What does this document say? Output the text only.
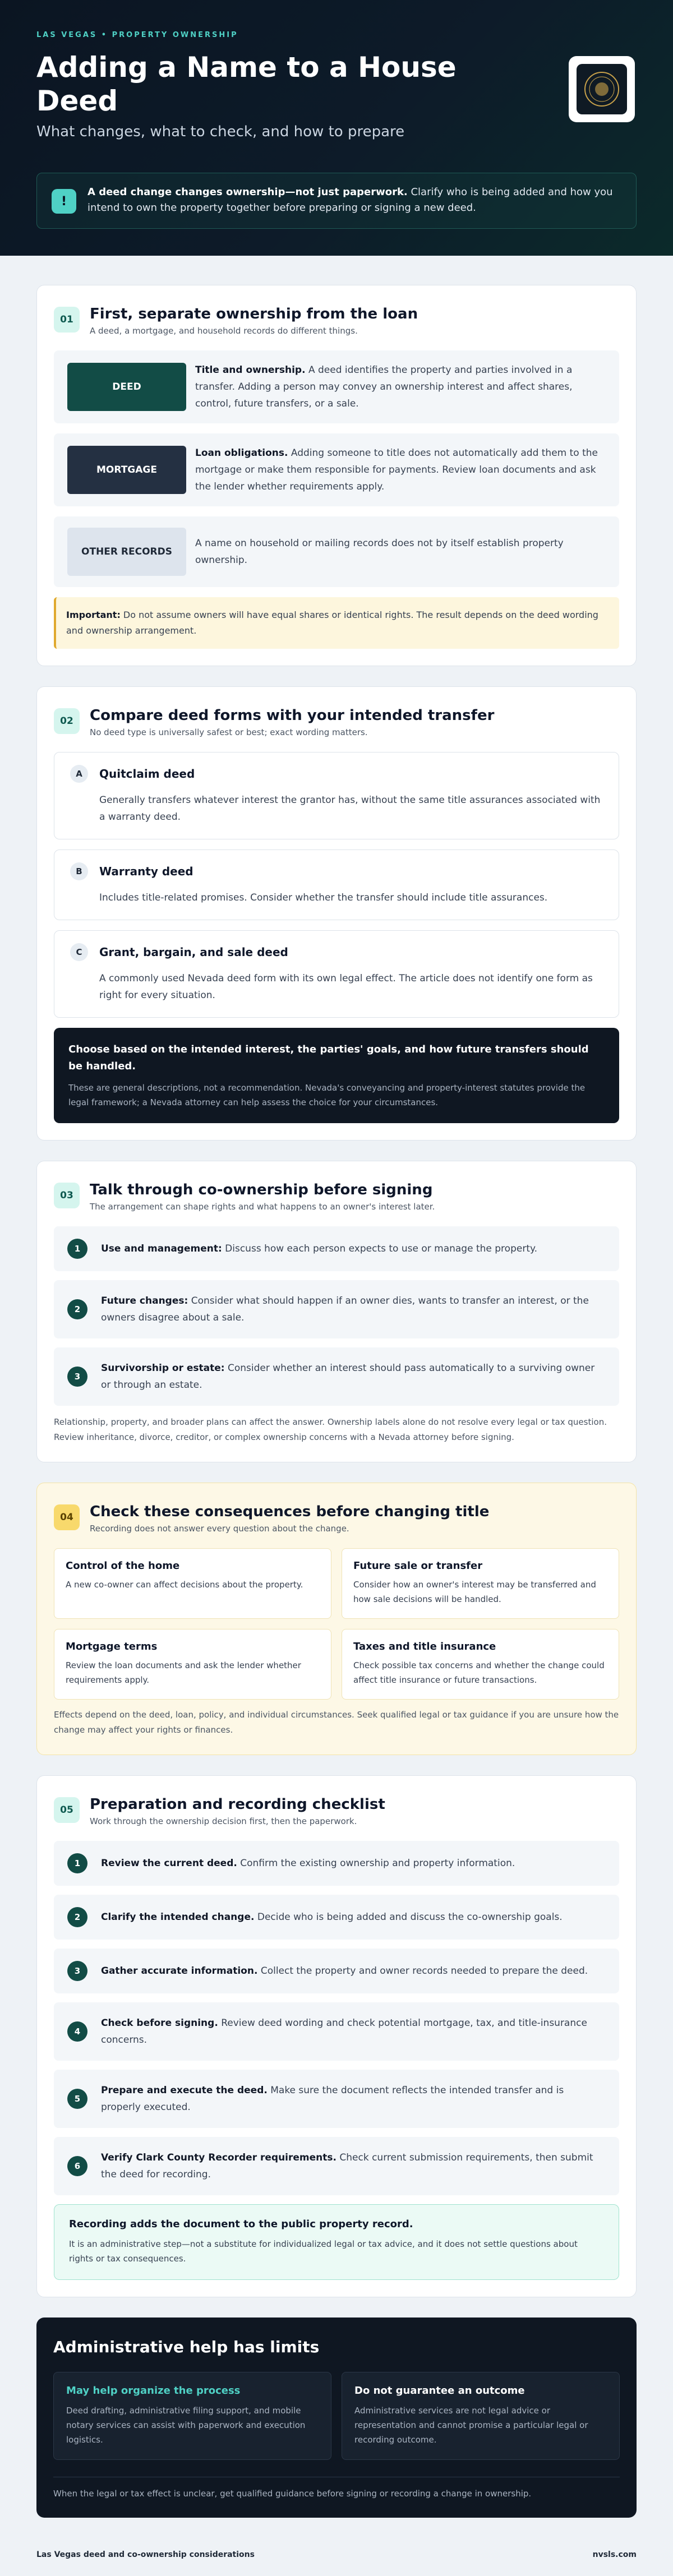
LAS VEGAS • PROPERTY OWNERSHIP
Adding a Name to a House Deed
What changes, what to check, and how to prepare
!
A deed change changes ownership—not just paperwork. Clarify who is being added and how you intend to own the property together before preparing or signing a new deed.
01	First, separate ownership from the loan
A deed, a mortgage, and household records do different things.
DEED
Title and ownership. A deed identifies the property and parties involved in a transfer. Adding a person may convey an ownership interest and affect shares, control, future transfers, or a sale.
MORTGAGE
Loan obligations. Adding someone to title does not automatically add them to the mortgage or make them responsible for payments. Review loan documents and ask the lender whether requirements apply.
OTHER RECORDS
A name on household or mailing records does not by itself establish property ownership.
Important: Do not assume owners will have equal shares or identical rights. The result depends on the deed wording and ownership arrangement.
02	Compare deed forms with your intended transfer
No deed type is universally safest or best; exact wording matters.
A	Quitclaim deed
Generally transfers whatever interest the grantor has, without the same title assurances associated with a warranty deed.
B	Warranty deed
Includes title-related promises. Consider whether the transfer should include title assurances.
C	Grant, bargain, and sale deed
A commonly used Nevada deed form with its own legal effect. The article does not identify one form as right for every situation.
Choose based on the intended interest, the parties' goals, and how future transfers should be handled.
These are general descriptions, not a recommendation. Nevada's conveyancing and property-interest statutes provide the legal framework; a Nevada attorney can help assess the choice for your circumstances.
03	Talk through co-ownership before signing
The arrangement can shape rights and what happens to an owner's interest later.
1	Use and management: Discuss how each person expects to use or manage the property.
2
Future changes: Consider what should happen if an owner dies, wants to transfer an interest, or the owners disagree about a sale.
3
Survivorship or estate: Consider whether an interest should pass automatically to a surviving owner or through an estate.
Relationship, property, and broader plans can affect the answer. Ownership labels alone do not resolve every legal or tax question. Review inheritance, divorce, creditor, or complex ownership concerns with a Nevada attorney before signing.
04	Check these consequences before changing title
Recording does not answer every question about the change.
Control of the home
A new co-owner can affect decisions about the property.
Future sale or transfer
Consider how an owner's interest may be transferred and how sale decisions will be handled.
Mortgage terms
Review the loan documents and ask the lender whether requirements apply.
Taxes and title insurance
Check possible tax concerns and whether the change could affect title insurance or future transactions.
Effects depend on the deed, loan, policy, and individual circumstances. Seek qualified legal or tax guidance if you are unsure how the change may affect your rights or finances.
05	Preparation and recording checklist
Work through the ownership decision first, then the paperwork.
1	Review the current deed. Confirm the existing ownership and property information.
2	Clarify the intended change. Decide who is being added and discuss the co-ownership goals.
3	Gather accurate information. Collect the property and owner records needed to prepare the deed.
4
Check before signing. Review deed wording and check potential mortgage, tax, and title-insurance concerns.
5
Prepare and execute the deed. Make sure the document reflects the intended transfer and is properly executed.
6
Verify Clark County Recorder requirements. Check current submission requirements, then submit the deed for recording.
Recording adds the document to the public property record.
It is an administrative step—not a substitute for individualized legal or tax advice, and it does not settle questions about rights or tax consequences.
Administrative help has limits
May help organize the process
Deed drafting, administrative filing support, and mobile notary services can assist with paperwork and execution logistics.
Do not guarantee an outcome
Administrative services are not legal advice or representation and cannot promise a particular legal or recording outcome.
When the legal or tax effect is unclear, get qualified guidance before signing or recording a change in ownership.
Las Vegas deed and co-ownership considerations	nvsls.com
